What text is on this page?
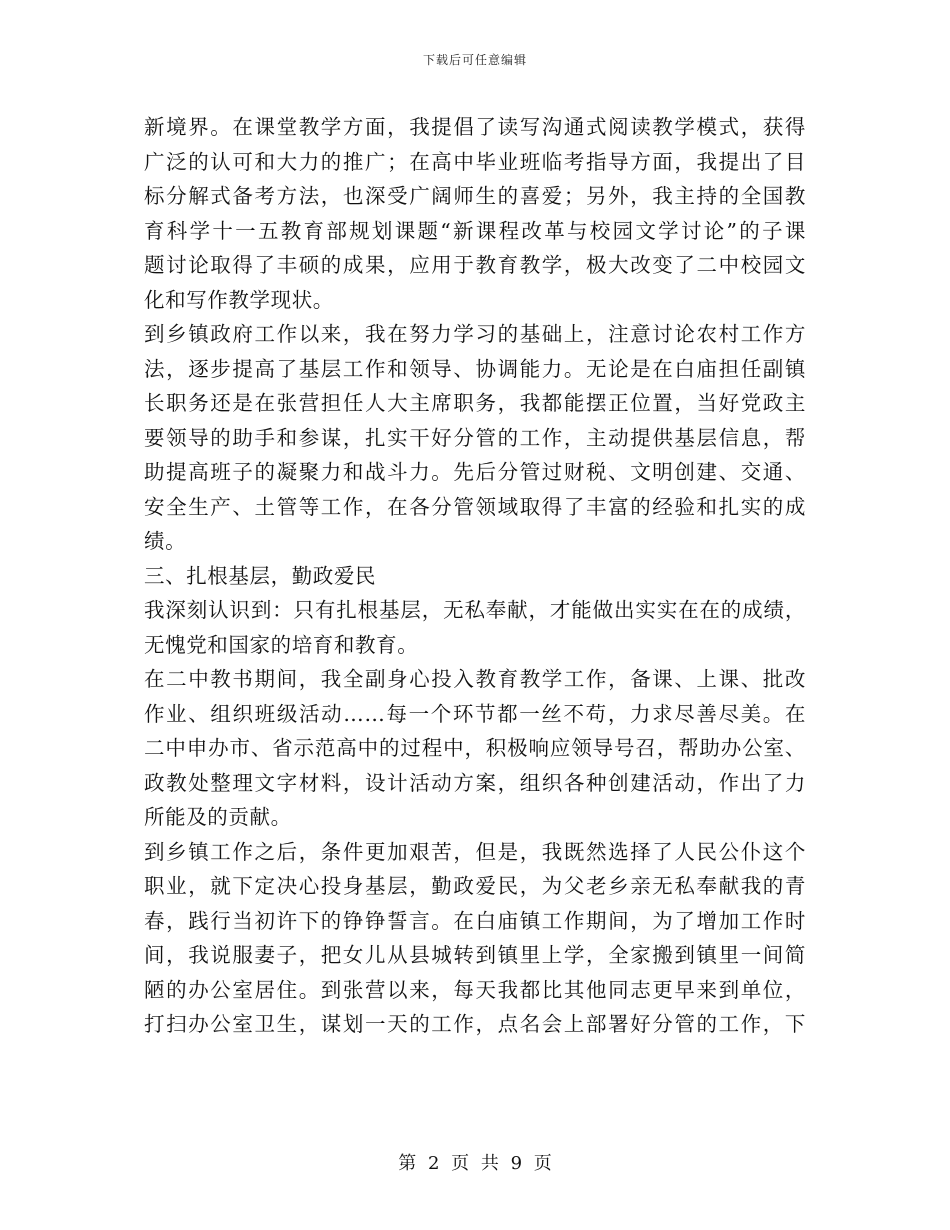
下载后可任意编辑
新境界。在课堂教学方面，我提倡了读写沟通式阅读教学模式，获得
广泛的认可和大力的推广；在高中毕业班临考指导方面，我提出了目
标分解式备考方法，也深受广阔师生的喜爱；另外，我主持的全国教
育科学十一五教育部规划课题“新课程改革与校园文学讨论”的子课
题讨论取得了丰硕的成果，应用于教育教学，极大改变了二中校园文
化和写作教学现状。
到乡镇政府工作以来，我在努力学习的基础上，注意讨论农村工作方
法，逐步提高了基层工作和领导、协调能力。无论是在白庙担任副镇
长职务还是在张营担任人大主席职务，我都能摆正位置，当好党政主
要领导的助手和参谋，扎实干好分管的工作，主动提供基层信息，帮
助提高班子的凝聚力和战斗力。先后分管过财税、文明创建、交通、
安全生产、土管等工作，在各分管领域取得了丰富的经验和扎实的成
绩。
三、扎根基层，勤政爱民
我深刻认识到：只有扎根基层，无私奉献，才能做出实实在在的成绩，
无愧党和国家的培育和教育。
在二中教书期间，我全副身心投入教育教学工作，备课、上课、批改
作业、组织班级活动……每一个环节都一丝不苟，力求尽善尽美。在
二中申办市、省示范高中的过程中，积极响应领导号召，帮助办公室、
政教处整理文字材料，设计活动方案，组织各种创建活动，作出了力
所能及的贡献。
到乡镇工作之后，条件更加艰苦，但是，我既然选择了人民公仆这个
职业，就下定决心投身基层，勤政爱民，为父老乡亲无私奉献我的青
春，践行当初许下的铮铮誓言。在白庙镇工作期间，为了增加工作时
间，我说服妻子，把女儿从县城转到镇里上学，全家搬到镇里一间简
陋的办公室居住。到张营以来，每天我都比其他同志更早来到单位，
打扫办公室卫生，谋划一天的工作，点名会上部署好分管的工作，下
第 2 页 共 9 页
